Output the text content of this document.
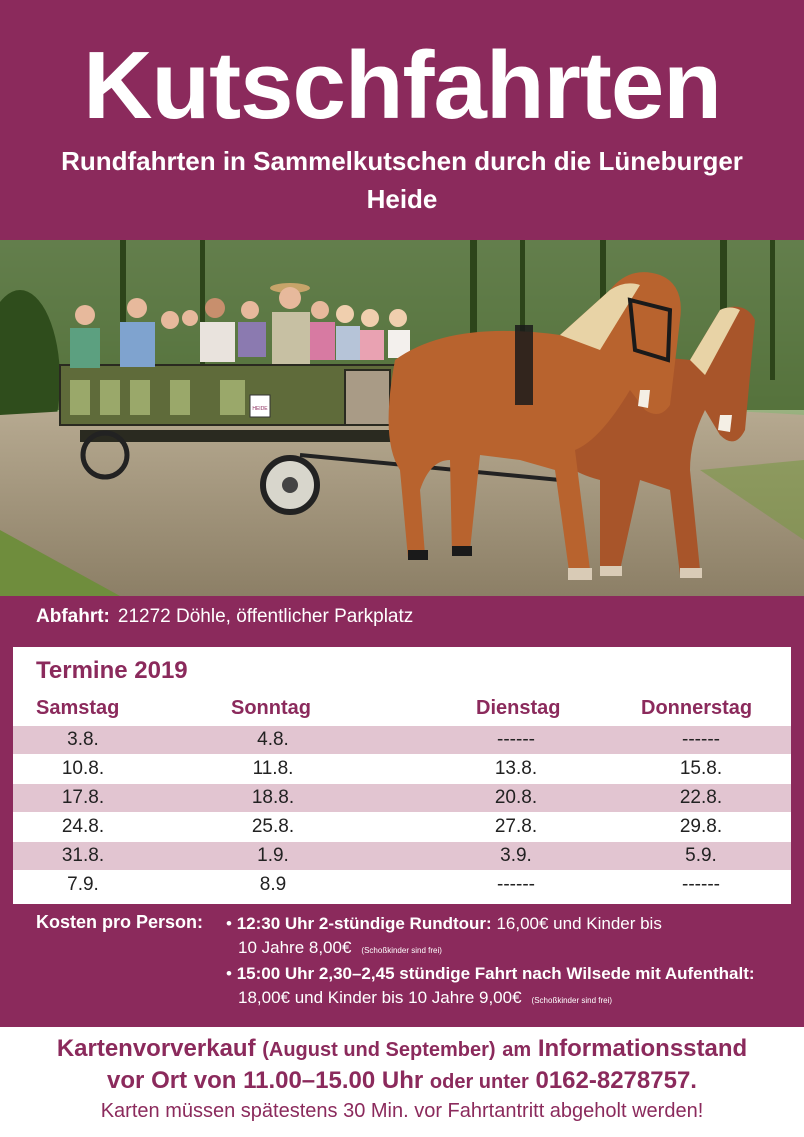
Kutschfahrten
Rundfahrten in Sammelkutschen durch die Lüneburger Heide
HEIDE
Abfahrt: 21272 Döhle, öffentlicher Parkplatz
Termine 2019
Samstag	Sonntag	Dienstag	Donnerstag
3.8.	4.8.	------	------
10.8.	11.8.	13.8.	15.8.
17.8.	18.8.	20.8.	22.8.
24.8.	25.8.	27.8.	29.8.
31.8.	1.9.	3.9.	5.9.
7.9.	8.9	------	------
Kosten pro Person: • 12:30 Uhr 2-stündige Rundtour: 16,00€ und Kinder bis
10 Jahre 8,00€ (Schoßkinder sind frei)
• 15:00 Uhr 2,30–2,45 stündige Fahrt nach Wilsede mit Aufenthalt:
18,00€ und Kinder bis 10 Jahre 9,00€ (Schoßkinder sind frei)
Kartenvorverkauf (August und September) am Informationsstand
vor Ort von 11.00–15.00 Uhr oder unter 0162-8278757.
Karten müssen spätestens 30 Min. vor Fahrtantritt abgeholt werden!
